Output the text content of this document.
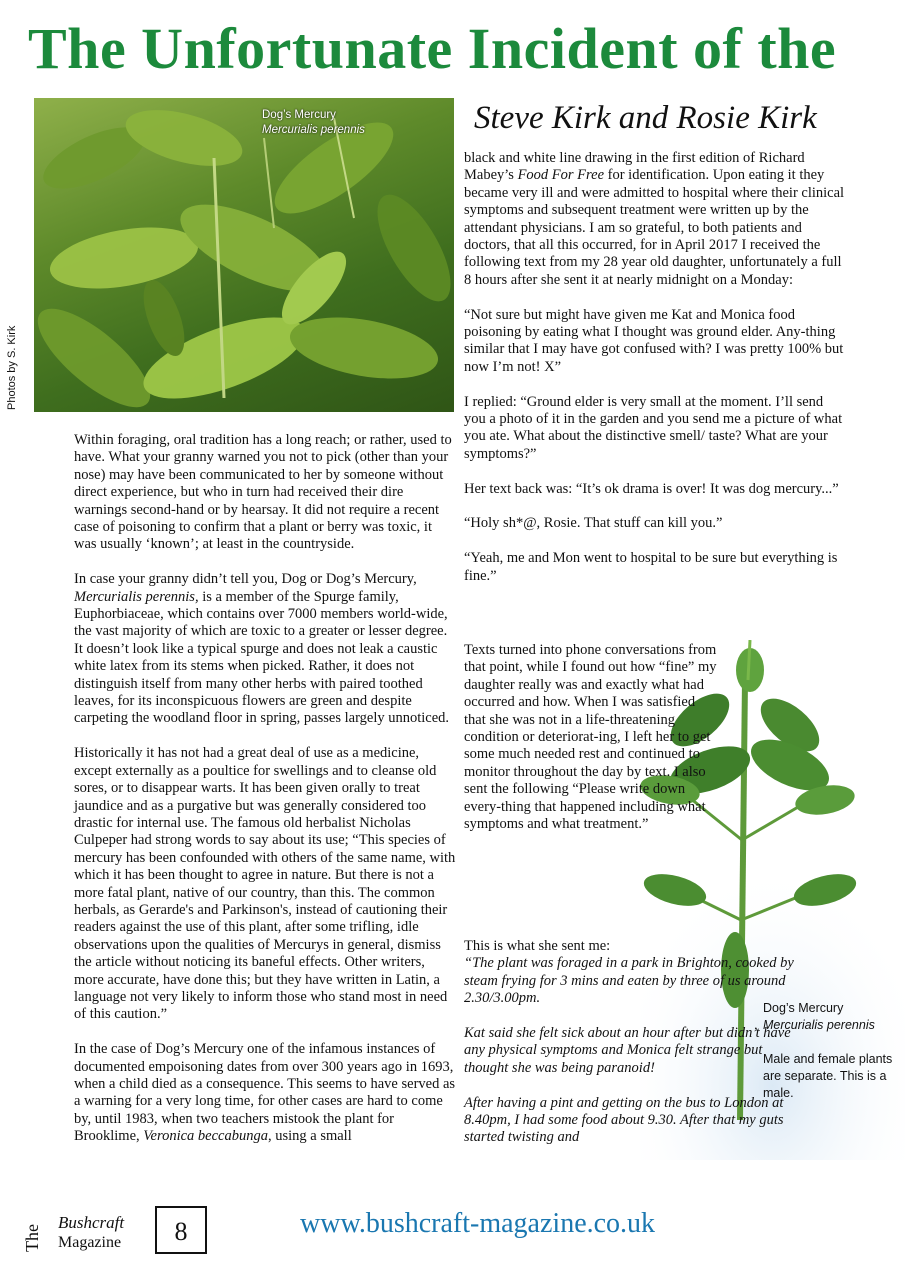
The Unfortunate Incident of the
Dog’s Mercury
Mercurialis perennis
Photos by S. Kirk
Steve Kirk and Rosie Kirk

Within foraging, oral tradition has a long reach; or rather, used to have. What your granny warned you not to pick (other than your nose) may have been communicated to her by someone without direct experience, but who in turn had received their dire warnings second-hand or by hearsay. It did not require a recent case of poisoning to confirm that a plant or berry was toxic, it was usually ‘known’; at least in the countryside.

In case your granny didn’t tell you, Dog or Dog’s Mercury,
Mercurialis perennis, is a member of the Spurge family, Euphorbiaceae, which contains over 7000 members world-wide, the vast majority of which are toxic to a greater or lesser degree. It doesn’t look like a typical spurge and does not leak a caustic white latex from its stems when picked. Rather, it does not distinguish itself from many other herbs with paired toothed leaves, for its inconspicuous flowers are green and despite carpeting the woodland floor in spring, passes largely unnoticed.

Historically it has not had a great deal of use as a medicine, except externally as a poultice for swellings and to cleanse old sores, or to disappear warts. It has been given orally to treat jaundice and as a purgative but was generally considered too drastic for internal use. The famous old herbalist Nicholas Culpeper had strong words to say about its use; “This species of mercury has been confounded with others of the same name, with which it has been thought to agree in nature. But there is not a more fatal plant, native of our country, than this. The common herbals, as Gerarde's and Parkinson's, instead of cautioning their readers against the use of this plant, after some trifling, idle observations upon the qualities of Mercurys in general, dismiss the article without noticing its baneful effects. Other writers, more accurate, have done this; but they have written in Latin, a language not very likely to inform those who stand most in need of this caution.”

In the case of Dog’s Mercury one of the infamous instances of documented empoisoning dates from over 300 years ago in 1693, when a child died as a consequence. This seems to have served as a warning for a very long time, for other cases are hard to come by, until 1983, when two teachers mistook the plant for Brooklime, Veronica beccabunga, using a small

black and white line drawing in the first edition of Richard Mabey’s Food For Free for identification. Upon eating it they became very ill and were admitted to hospital where their clinical symptoms and subsequent treatment were written up by the attendant physicians. I am so grateful, to both patients and doctors, that all this occurred, for in April 2017 I received the following text from my 28 year old daughter, unfortunately a full 8 hours after she sent it at nearly midnight on a Monday:

“Not sure but might have given me Kat and Monica food poisoning by eating what I thought was ground elder. Any-thing similar that I may have got confused with? I was pretty 100% but now I’m not! X”

I replied: “Ground elder is very small at the moment. I’ll send you a photo of it in the garden and you send me a picture of what you ate. What about the distinctive smell/ taste? What are your symptoms?”

Her text back was: “It’s ok drama is over! It was dog mercury...”

“Holy sh*@, Rosie. That stuff can kill you.”

“Yeah, me and Mon went to hospital to be sure but everything is fine.”

Texts turned into phone conversations from that point, while I found out how “fine” my daughter really was and exactly what had occurred and how. When I was satisfied that she was not in a life-threatening condition or deteriorat-ing, I left her to get some much needed rest and continued to monitor throughout the day by text. I also sent the following “Please write down every-thing that happened including what symptoms and what treatment.”

This is what she sent me:

“The plant was foraged in a park in Brighton, cooked by steam frying for 3 mins and eaten by three of us around 2.30/3.00pm.

Kat said she felt sick about an hour after but didn’t have any physical symptoms and Monica felt strange but thought she was being paranoid!

After having a pint and getting on the bus to London at 8.40pm, I had some food about 9.30. After that my guts started twisting and

Dog’s Mercury
Mercurialis perennis
Male and female plants are separate. This is a male.
The
Bushcraft
Magazine	8	www.bushcraft-magazine.co.uk
